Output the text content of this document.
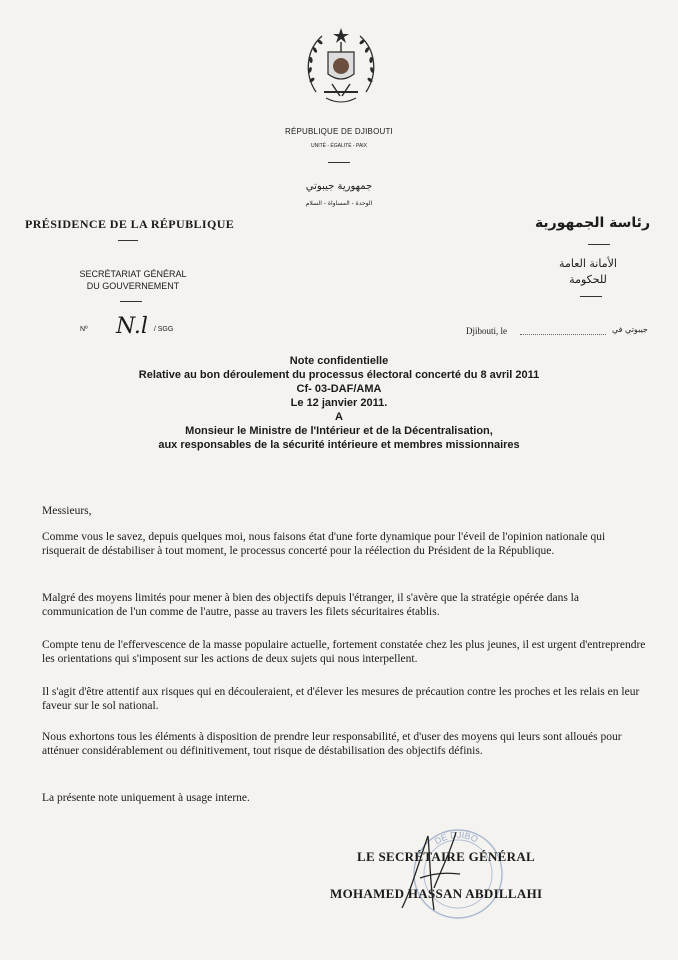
RÉPUBLIQUE DE DJIBOUTI
UNITÉ - ÉGALITÉ - PAIX
جمهورية جيبوتي
الوحدة - المساواة - السلام
PRÉSIDENCE DE LA RÉPUBLIQUE	رئاسة الجمهورية
SECRÉTARIAT GÉNÉRAL
DU GOUVERNEMENT
الأمانة العامة
للحكومة
Nº N.l / SGG	Djibouti, le	جيبوتي في
Note confidentielle
Relative au bon déroulement du processus électoral concerté du 8 avril 2011
Cf- 03-DAF/AMA
Le 12 janvier 2011.
A
Monsieur le Ministre de l'Intérieur et de la Décentralisation,
aux responsables de la sécurité intérieure et membres missionnaires

Messieurs,

Comme vous le savez, depuis quelques moi, nous faisons état d'une forte dynamique pour l'éveil de l'opinion nationale qui risquerait de déstabiliser à tout moment, le processus concerté pour la réélection du Président de la République.

Malgré des moyens limités pour mener à bien des objectifs depuis l'étranger, il s'avère que la stratégie opérée dans la communication de l'un comme de l'autre, passe au travers les filets sécuritaires établis.

Compte tenu de l'effervescence de la masse populaire actuelle, fortement constatée chez les plus jeunes, il est urgent d'entreprendre les orientations qui s'imposent sur les actions de deux sujets qui nous interpellent.

Il s'agit d'être attentif aux risques qui en découleraient, et d'élever les mesures de précaution contre les proches et les relais en leur faveur sur le sol national.

Nous exhortons tous les éléments à disposition de prendre leur responsabilité, et d'user des moyens qui leurs sont alloués pour atténuer considérablement ou définitivement, tout risque de déstabilisation des objectifs définis.

La présente note uniquement à usage interne.

DE DJIBO
LE SECRÉTAIRE GÉNÉRAL
MOHAMED HASSAN ABDILLAHI
